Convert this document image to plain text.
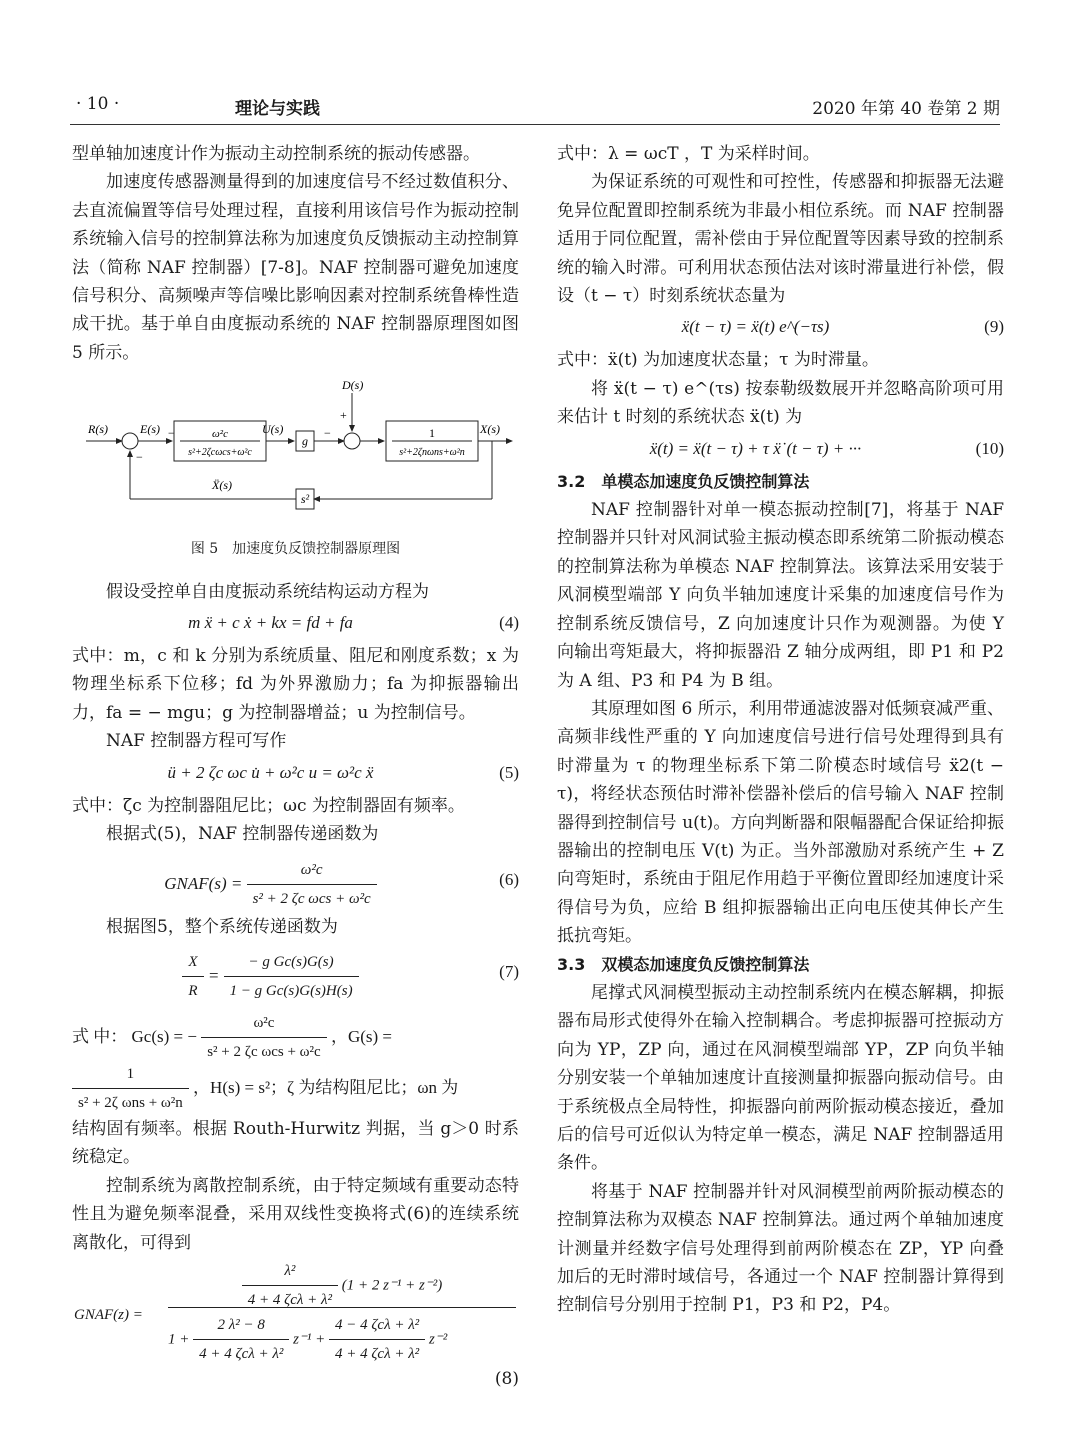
· 10 ·	理论与实践	2020 年第 40 卷第 2 期

型单轴加速度计作为振动主动控制系统的振动传感器。

加速度传感器测量得到的加速度信号不经过数值积分、去直流偏置等信号处理过程，直接利用该信号作为振动控制系统输入信号的控制算法称为加速度负反馈振动主动控制算法（简称 NAF 控制器）[7-8]。NAF 控制器可避免加速度信号积分、高频噪声等信噪比影响因素对控制系统鲁棒性造成干扰。基于单自由度振动系统的 NAF 控制器原理图如图 5 所示。

R(s)
−
E(s) −	ω²c
s²+2ζcωcs+ω²c
U(s)
g
−
D(s)
+
1
s²+2ζnωns+ω²n
X(s)
s²
Ẍ(s)
图 5　加速度负反馈控制器原理图

假设受控单自由度振动系统结构运动方程为

m ẍ + c ẋ + kx = fd + fa	(4)

式中：m，c 和 k 分别为系统质量、阻尼和刚度系数；x 为物理坐标系下位移；fd 为外界激励力；fa 为抑振器输出力，fa = − mgu；g 为控制器增益；u 为控制信号。

NAF 控制器方程可写作

ü + 2 ζc ωc u̇ + ω²c u = ω²c ẍ	(5)

式中：ζc 为控制器阻尼比；ωc 为控制器固有频率。

根据式(5)，NAF 控制器传递函数为

GNAF(s) = $\frac{\text{ω²c}}{\text{s² + 2 ζc ωcs + ω²c}}$	(6)

根据图5，整个系统传递函数为

$\frac{X}{R} = \frac{\text{− g Gc(s)G(s)}}{\text{1 − g Gc(s)G(s)H(s)}}$	(7)
式 中： Gc(s) = − $\frac{\text{ω²c}}{\text{s² + 2 ζc ωcs + ω²c}}$ ，G(s) =
$\frac{1}{\text{s² + 2ζ ωns + ω²n}}$ ，H(s) = s²；ζ 为结构阻尼比；ωn 为

结构固有频率。根据 Routh-Hurwitz 判据，当 g＞0 时系统稳定。

控制系统为离散控制系统，由于特定频域有重要动态特性且为避免频率混叠，采用双线性变换将式(6)的连续系统离散化，可得到

GNAF(z) =
$\frac{\text{λ²}}{\text{4 + 4 ζcλ + λ²}} (1 + 2$ z⁻¹ + z⁻²)
$1 + \frac{\text{2 λ² − 8}}{\text{4 + 4 ζcλ + λ²}} z^{-1} + \frac{\text{4 − 4 ζcλ + λ²}}{\text{4 + 4 ζcλ + λ²}} z^{-2}$
(8)

式中：λ = ωcT ，T 为采样时间。

为保证系统的可观性和可控性，传感器和抑振器无法避免异位配置即控制系统为非最小相位系统。而 NAF 控制器适用于同位配置，需补偿由于异位配置等因素导致的控制系统的输入时滞。可利用状态预估法对该时滞量进行补偿，假设（t − τ）时刻系统状态量为

ẍ(t − τ) = ẍ(t) e^(−τs)	(9)

式中：ẍ(t) 为加速度状态量；τ 为时滞量。

将 ẍ(t − τ) e^(τs) 按泰勒级数展开并忽略高阶项可用来估计 t 时刻的系统状态 ẍ(t) 为

ẍ(t) = ẍ(t − τ) + τ ẍ˙(t − τ) + ···	(10)

3.2　单模态加速度负反馈控制算法

NAF 控制器针对单一模态振动控制[7]，将基于 NAF 控制器并只针对风洞试验主振动模态即系统第二阶振动模态的控制算法称为单模态 NAF 控制算法。该算法采用安装于风洞模型端部 Y 向负半轴加速度计采集的加速度信号作为控制系统反馈信号，Z 向加速度计只作为观测器。为使 Y 向输出弯矩最大，将抑振器沿 Z 轴分成两组，即 P1 和 P2 为 A 组、P3 和 P4 为 B 组。

其原理如图 6 所示，利用带通滤波器对低频衰减严重、高频非线性严重的 Y 向加速度信号进行信号处理得到具有时滞量为 τ 的物理坐标系下第二阶模态时域信号 ẍ2(t − τ)，将经状态预估时滞补偿器补偿后的信号输入 NAF 控制器得到控制信号 u(t)。方向判断器和限幅器配合保证给抑振器输出的控制电压 V(t) 为正。当外部激励对系统产生 + Z 向弯矩时，系统由于阻尼作用趋于平衡位置即经加速度计采得信号为负，应给 B 组抑振器输出正向电压使其伸长产生抵抗弯矩。

3.3　双模态加速度负反馈控制算法

尾撑式风洞模型振动主动控制系统内在模态解耦，抑振器布局形式使得外在输入控制耦合。考虑抑振器可控振动方向为 YP，ZP 向，通过在风洞模型端部 YP，ZP 向负半轴分别安装一个单轴加速度计直接测量抑振器向振动信号。由于系统极点全局特性，抑振器向前两阶振动模态接近，叠加后的信号可近似认为特定单一模态，满足 NAF 控制器适用条件。

将基于 NAF 控制器并针对风洞模型前两阶振动模态的控制算法称为双模态 NAF 控制算法。通过两个单轴加速度计测量并经数字信号处理得到前两阶模态在 ZP，YP 向叠加后的无时滞时域信号，各通过一个 NAF 控制器计算得到控制信号分别用于控制 P1，P3 和 P2，P4。
